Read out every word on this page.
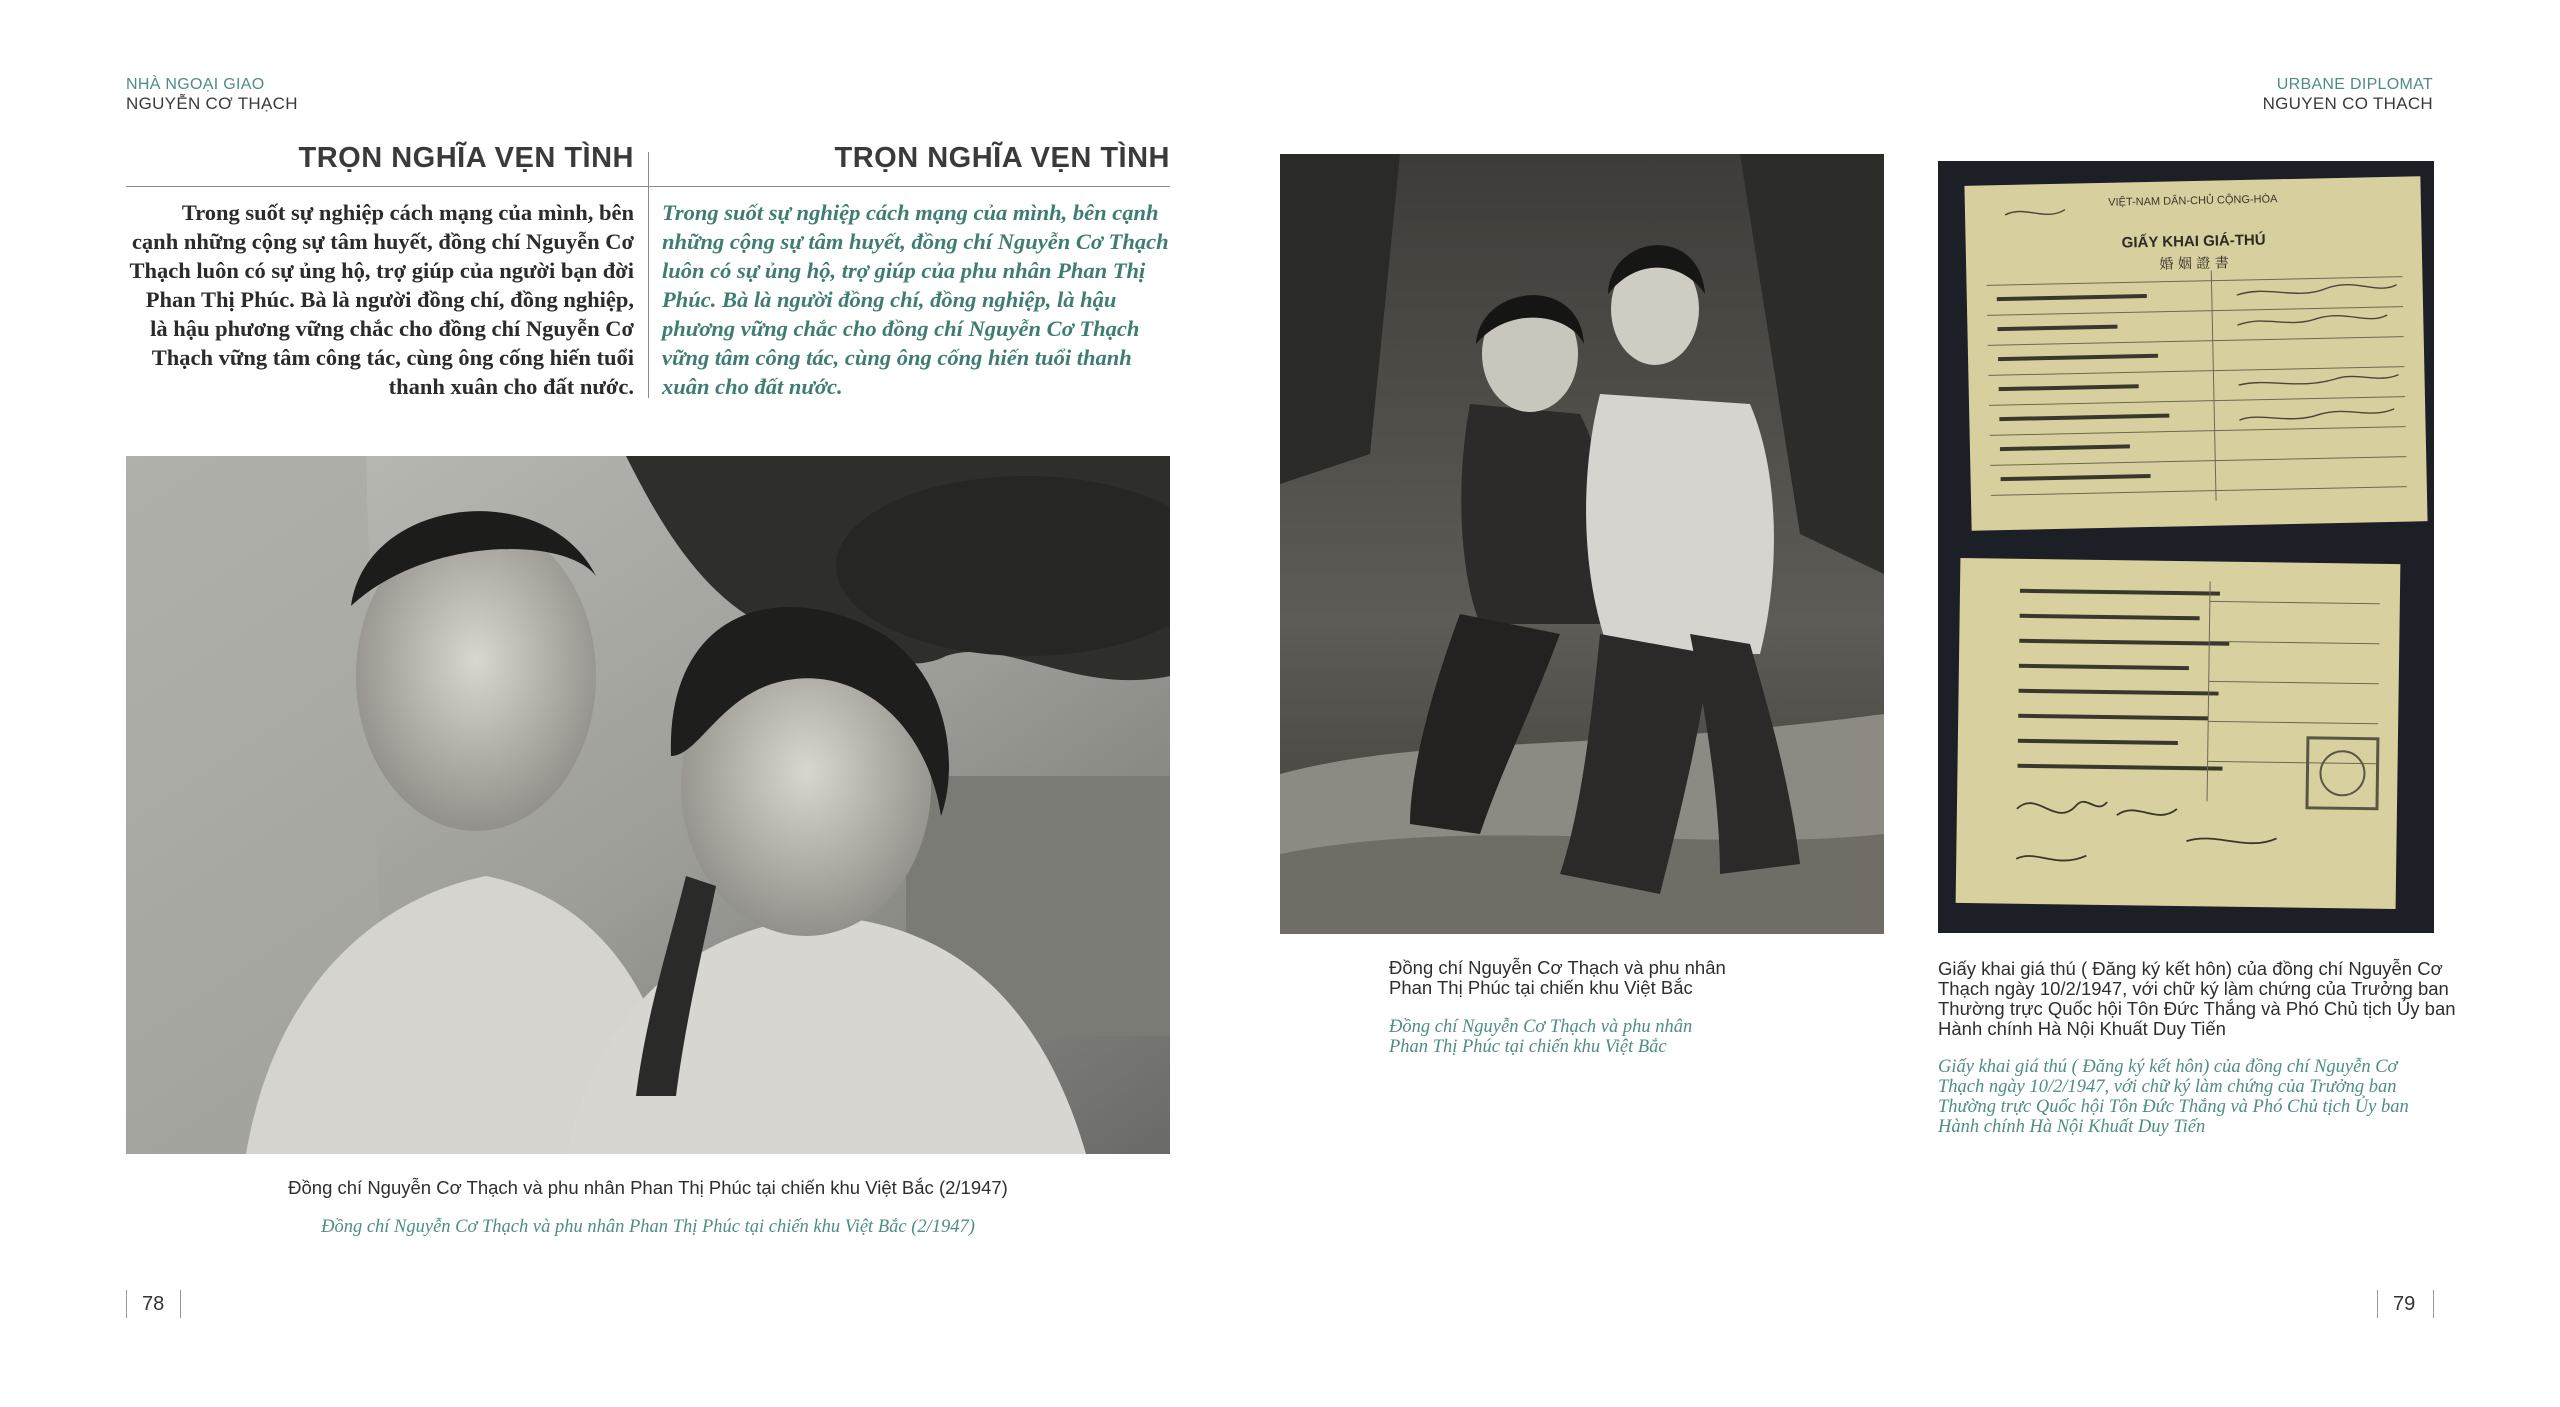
NHÀ NGOẠI GIAO
NGUYỄN CƠ THẠCH
URBANE DIPLOMAT
NGUYEN CO THACH
TRỌN NGHĨA VẸN TÌNH	TRỌN NGHĨA VẸN TÌNH
Trong suốt sự nghiệp cách mạng của mình, bên
cạnh những cộng sự tâm huyết, đồng chí Nguyễn Cơ
Thạch luôn có sự ủng hộ, trợ giúp của người bạn đời
Phan Thị Phúc. Bà là người đồng chí, đồng nghiệp,
là hậu phương vững chắc cho đồng chí Nguyễn Cơ
Thạch vững tâm công tác, cùng ông cống hiến tuổi
thanh xuân cho đất nước.
Trong suốt sự nghiệp cách mạng của mình, bên cạnh
những cộng sự tâm huyết, đồng chí Nguyễn Cơ Thạch
luôn có sự ủng hộ, trợ giúp của phu nhân Phan Thị
Phúc. Bà là người đồng chí, đồng nghiệp, là hậu
phương vững chắc cho đồng chí Nguyễn Cơ Thạch
vững tâm công tác, cùng ông cống hiến tuổi thanh
xuân cho đất nước.
Đồng chí Nguyễn Cơ Thạch và phu nhân Phan Thị Phúc tại chiến khu Việt Bắc (2/1947)
Đồng chí Nguyễn Cơ Thạch và phu nhân Phan Thị Phúc tại chiến khu Việt Bắc (2/1947)
Đồng chí Nguyễn Cơ Thạch và phu nhân
Phan Thị Phúc tại chiến khu Việt Bắc
Đồng chí Nguyễn Cơ Thạch và phu nhân
Phan Thị Phúc tại chiến khu Việt Bắc
VIỆT-NAM DÂN-CHỦ CỘNG-HÒA
GIẤY KHAI GIÁ-THÚ
婚 姻 證 書
Giấy khai giá thú ( Đăng ký kết hôn) của đồng chí Nguyễn Cơ
Thạch ngày 10/2/1947, với chữ ký làm chứng của Trưởng ban
Thường trực Quốc hội Tôn Đức Thắng và Phó Chủ tịch Ủy ban
Hành chính Hà Nội Khuất Duy Tiến
Giấy khai giá thú ( Đăng ký kết hôn) của đồng chí Nguyễn Cơ
Thạch ngày 10/2/1947, với chữ ký làm chứng của Trưởng ban
Thường trực Quốc hội Tôn Đức Thắng và Phó Chủ tịch Ủy ban
Hành chính Hà Nội Khuất Duy Tiến
78	79
